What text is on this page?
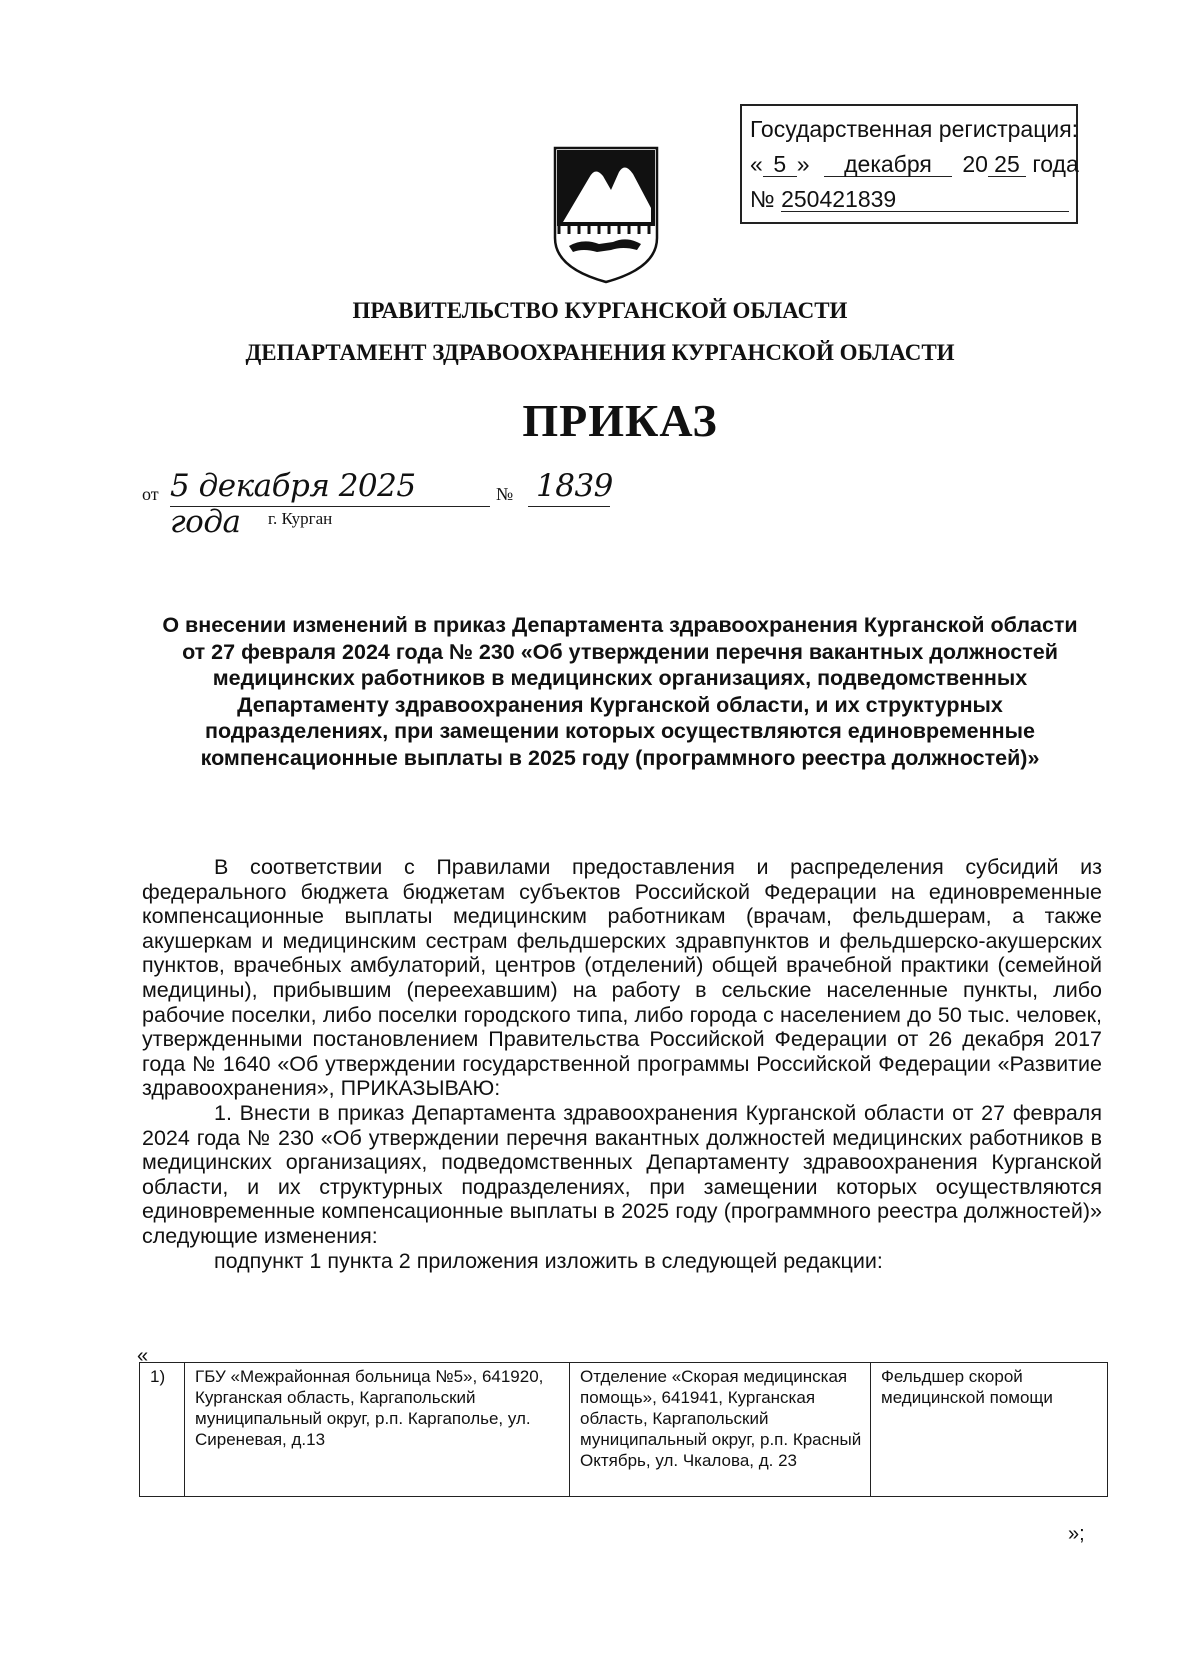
Государственная регистрация:
« 5 » декабря 20 25 года
№ 250421839
ПРАВИТЕЛЬСТВО КУРГАНСКОЙ ОБЛАСТИ
ДЕПАРТАМЕНТ ЗДРАВООХРАНЕНИЯ КУРГАНСКОЙ ОБЛАСТИ
ПРИКАЗ
от 5 декабря 2025 года
№ 1839
г. Курган
О внесении изменений в приказ Департамента здравоохранения Курганской области от 27 февраля 2024 года № 230 «Об утверждении перечня вакантных должностей медицинских работников в медицинских организациях, подведомственных Департаменту здравоохранения Курганской области, и их структурных подразделениях, при замещении которых осуществляются единовременные компенсационные выплаты в 2025 году (программного реестра должностей)»

В соответствии с Правилами предоставления и распределения субсидий из федерального бюджета бюджетам субъектов Российской Федерации на единовременные компенсационные выплаты медицинским работникам (врачам, фельдшерам, а также акушеркам и медицинским сестрам фельдшерских здравпунктов и фельдшерско-акушерских пунктов, врачебных амбулаторий, центров (отделений) общей врачебной практики (семейной медицины), прибывшим (переехавшим) на работу в сельские населенные пункты, либо рабочие поселки, либо поселки городского типа, либо города с населением до 50 тыс. человек, утвержденными постановлением Правительства Российской Федерации от 26 декабря 2017 года № 1640 «Об утверждении государственной программы Российской Федерации «Развитие здравоохранения», ПРИКАЗЫВАЮ:

1. Внести в приказ Департамента здравоохранения Курганской области от 27 февраля 2024 года № 230 «Об утверждении перечня вакантных должностей медицинских работников в медицинских организациях, подведомственных Департаменту здравоохранения Курганской области, и их структурных подразделениях, при замещении которых осуществляются единовременные компенсационные выплаты в 2025 году (программного реестра должностей)» следующие изменения:

подпункт 1 пункта 2 приложения изложить в следующей редакции:

«
1)	ГБУ «Межрайонная больница №5», 641920, Курганская область, Каргапольский муниципальный округ, р.п. Каргаполье, ул. Сиреневая, д.13	Отделение «Скорая медицинская помощь», 641941, Курганская область, Каргапольский муниципальный округ, р.п. Красный Октябрь, ул. Чкалова, д. 23	Фельдшер скорой медицинской помощи
»;
